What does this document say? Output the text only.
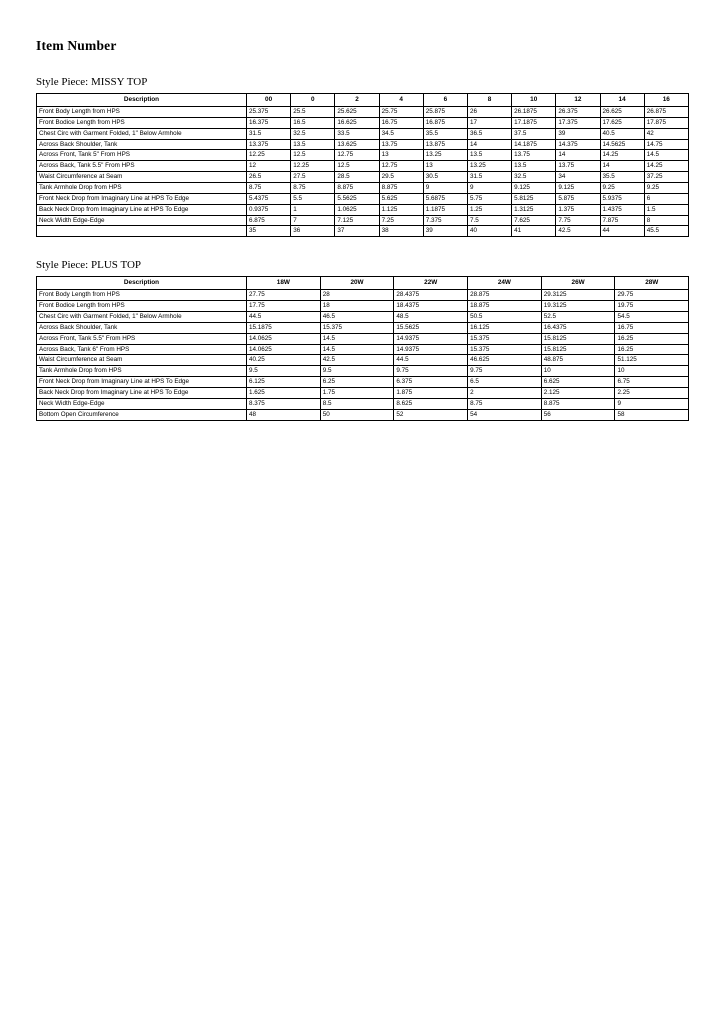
Item Number
Style Piece: MISSY TOP
Description	00	0	2	4	6	8	10	12	14	16
Front Body Length from HPS	25.375	25.5	25.625	25.75	25.875	26	26.1875	26.375	26.625	26.875
Front Bodice Length from HPS	16.375	16.5	16.625	16.75	16.875	17	17.1875	17.375	17.625	17.875
Chest Circ with Garment Folded, 1" Below Armhole	31.5	32.5	33.5	34.5	35.5	36.5	37.5	39	40.5	42
Across Back Shoulder, Tank	13.375	13.5	13.625	13.75	13.875	14	14.1875	14.375	14.5625	14.75
Across Front, Tank 5" From HPS	12.25	12.5	12.75	13	13.25	13.5	13.75	14	14.25	14.5
Across Back, Tank 5.5" From HPS	12	12.25	12.5	12.75	13	13.25	13.5	13.75	14	14.25
Waist Circumference at Seam	26.5	27.5	28.5	29.5	30.5	31.5	32.5	34	35.5	37.25
Tank Armhole Drop from HPS	8.75	8.75	8.875	8.875	9	9	9.125	9.125	9.25	9.25
Front Neck Drop from Imaginary Line at HPS To Edge	5.4375	5.5	5.5625	5.625	5.6875	5.75	5.8125	5.875	5.9375	6
Back Neck Drop from Imaginary Line at HPS To Edge	0.9375	1	1.0625	1.125	1.1875	1.25	1.3125	1.375	1.4375	1.5
Neck Width Edge-Edge	6.875	7	7.125	7.25	7.375	7.5	7.625	7.75	7.875	8
	35	36	37	38	39	40	41	42.5	44	45.5
Style Piece: PLUS TOP
Description	18W	20W	22W	24W	26W	28W
Front Body Length from HPS	27.75	28	28.4375	28.875	29.3125	29.75
Front Bodice Length from HPS	17.75	18	18.4375	18.875	19.3125	19.75
Chest Circ with Garment Folded, 1" Below Armhole	44.5	46.5	48.5	50.5	52.5	54.5
Across Back Shoulder, Tank	15.1875	15.375	15.5625	16.125	16.4375	16.75
Across Front, Tank 5.5" From HPS	14.0625	14.5	14.9375	15.375	15.8125	16.25
Across Back, Tank 6" From HPS	14.0625	14.5	14.9375	15.375	15.8125	16.25
Waist Circumference at Seam	40.25	42.5	44.5	46.625	48.875	51.125
Tank Armhole Drop from HPS	9.5	9.5	9.75	9.75	10	10
Front Neck Drop from Imaginary Line at HPS To Edge	6.125	6.25	6.375	6.5	6.625	6.75
Back Neck Drop from Imaginary Line at HPS To Edge	1.625	1.75	1.875	2	2.125	2.25
Neck Width Edge-Edge	8.375	8.5	8.625	8.75	8.875	9
Bottom Open Circumference	48	50	52	54	56	58
